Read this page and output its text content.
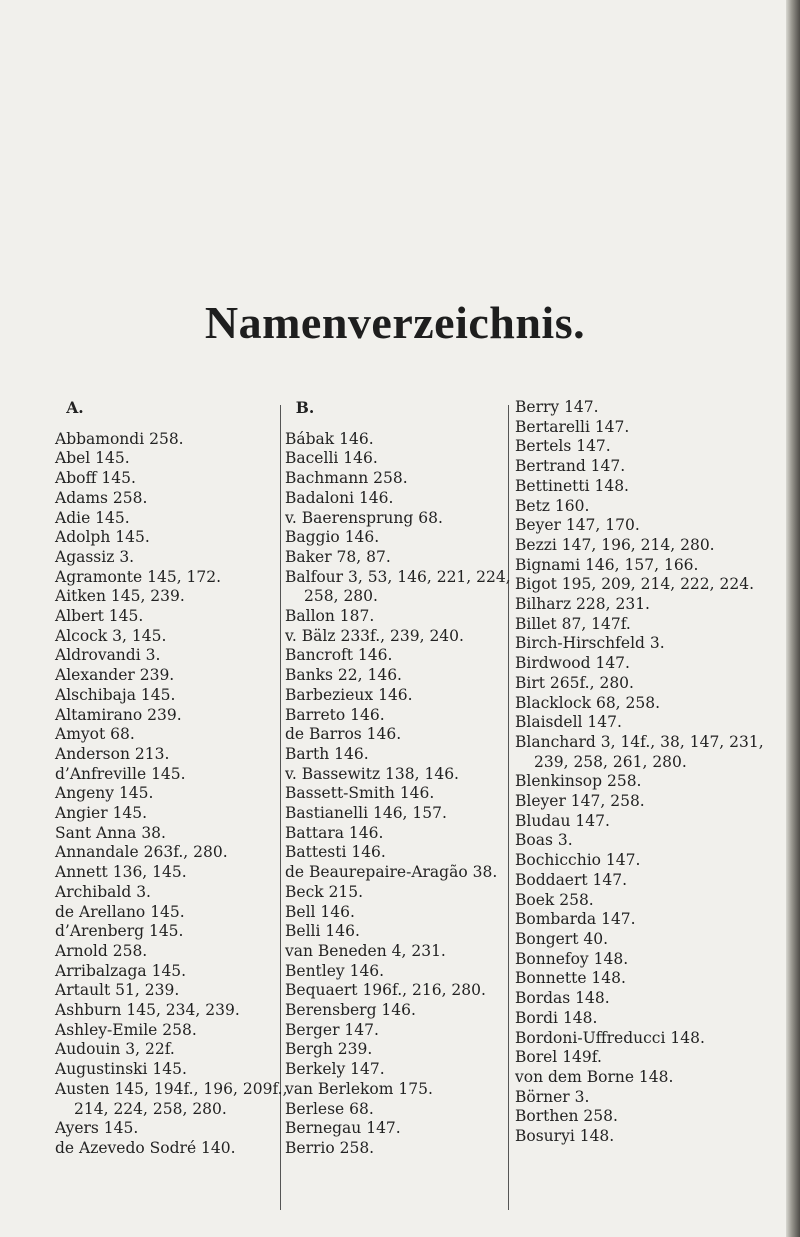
Namenverzeichnis.
A.
Abbamondi 258.
Abel 145.
Aboff 145.
Adams 258.
Adie 145.
Adolph 145.
Agassiz 3.
Agramonte 145, 172.
Aitken 145, 239.
Albert 145.
Alcock 3, 145.
Aldrovandi 3.
Alexander 239.
Alschibaja 145.
Altamirano 239.
Amyot 68.
Anderson 213.
d’Anfreville 145.
Angeny 145.
Angier 145.
Sant Anna 38.
Annandale 263f., 280.
Annett 136, 145.
Archibald 3.
de Arellano 145.
d’Arenberg 145.
Arnold 258.
Arribalzaga 145.
Artault 51, 239.
Ashburn 145, 234, 239.
Ashley-Emile 258.
Audouin 3, 22f.
Augustinski 145.
Austen 145, 194f., 196, 209f.,
214, 224, 258, 280.
Ayers 145.
de Azevedo Sodré 140.
B.
Bábak 146.
Bacelli 146.
Bachmann 258.
Badaloni 146.
v. Baerensprung 68.
Baggio 146.
Baker 78, 87.
Balfour 3, 53, 146, 221, 224,
258, 280.
Ballon 187.
v. Bälz 233f., 239, 240.
Bancroft 146.
Banks 22, 146.
Barbezieux 146.
Barreto 146.
de Barros 146.
Barth 146.
v. Bassewitz 138, 146.
Bassett-Smith 146.
Bastianelli 146, 157.
Battara 146.
Battesti 146.
de Beaurepaire-Aragão 38.
Beck 215.
Bell 146.
Belli 146.
van Beneden 4, 231.
Bentley 146.
Bequaert 196f., 216, 280.
Berensberg 146.
Berger 147.
Bergh 239.
Berkely 147.
van Berlekom 175.
Berlese 68.
Bernegau 147.
Berrio 258.
Berry 147.
Bertarelli 147.
Bertels 147.
Bertrand 147.
Bettinetti 148.
Betz 160.
Beyer 147, 170.
Bezzi 147, 196, 214, 280.
Bignami 146, 157, 166.
Bigot 195, 209, 214, 222, 224.
Bilharz 228, 231.
Billet 87, 147f.
Birch-Hirschfeld 3.
Birdwood 147.
Birt 265f., 280.
Blacklock 68, 258.
Blaisdell 147.
Blanchard 3, 14f., 38, 147, 231,
239, 258, 261, 280.
Blenkinsop 258.
Bleyer 147, 258.
Bludau 147.
Boas 3.
Bochicchio 147.
Boddaert 147.
Boek 258.
Bombarda 147.
Bongert 40.
Bonnefoy 148.
Bonnette 148.
Bordas 148.
Bordi 148.
Bordoni-Uffreducci 148.
Borel 149f.
von dem Borne 148.
Börner 3.
Borthen 258.
Bosuryi 148.
